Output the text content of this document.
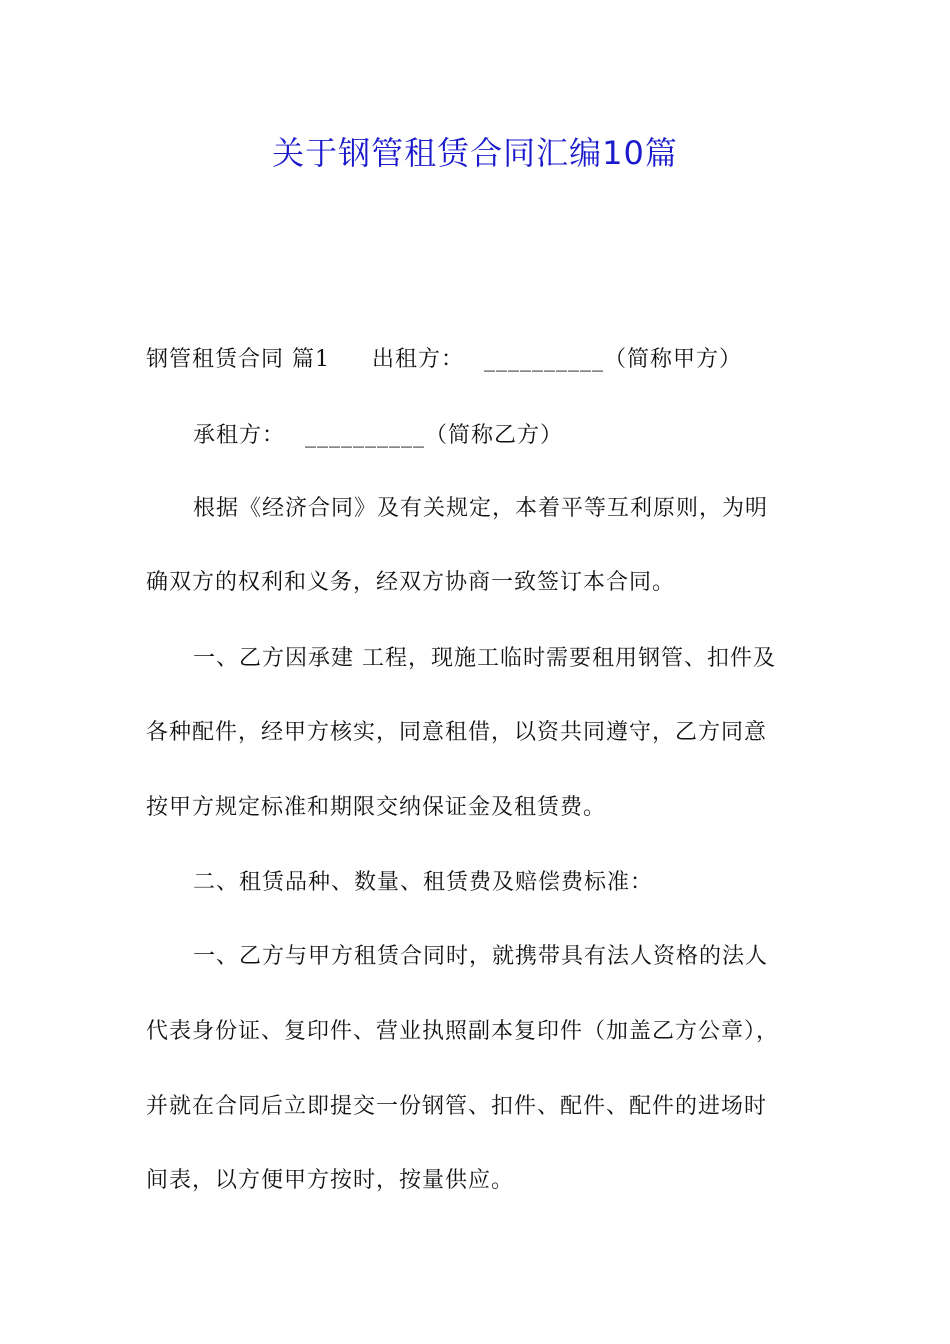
关于钢管租赁合同汇编10篇
钢管租赁合同 篇1 出租方： __________（简称甲方）
承租方： __________（简称乙方）
根据《经济合同》及有关规定，本着平等互利原则，为明
确双方的权利和义务，经双方协商一致签订本合同。
一、乙方因承建 工程，现施工临时需要租用钢管、扣件及
各种配件，经甲方核实，同意租借，以资共同遵守，乙方同意
按甲方规定标准和期限交纳保证金及租赁费。
二、租赁品种、数量、租赁费及赔偿费标准：
一、乙方与甲方租赁合同时，就携带具有法人资格的法人
代表身份证、复印件、营业执照副本复印件（加盖乙方公章），
并就在合同后立即提交一份钢管、扣件、配件、配件的进场时
间表，以方便甲方按时，按量供应。
